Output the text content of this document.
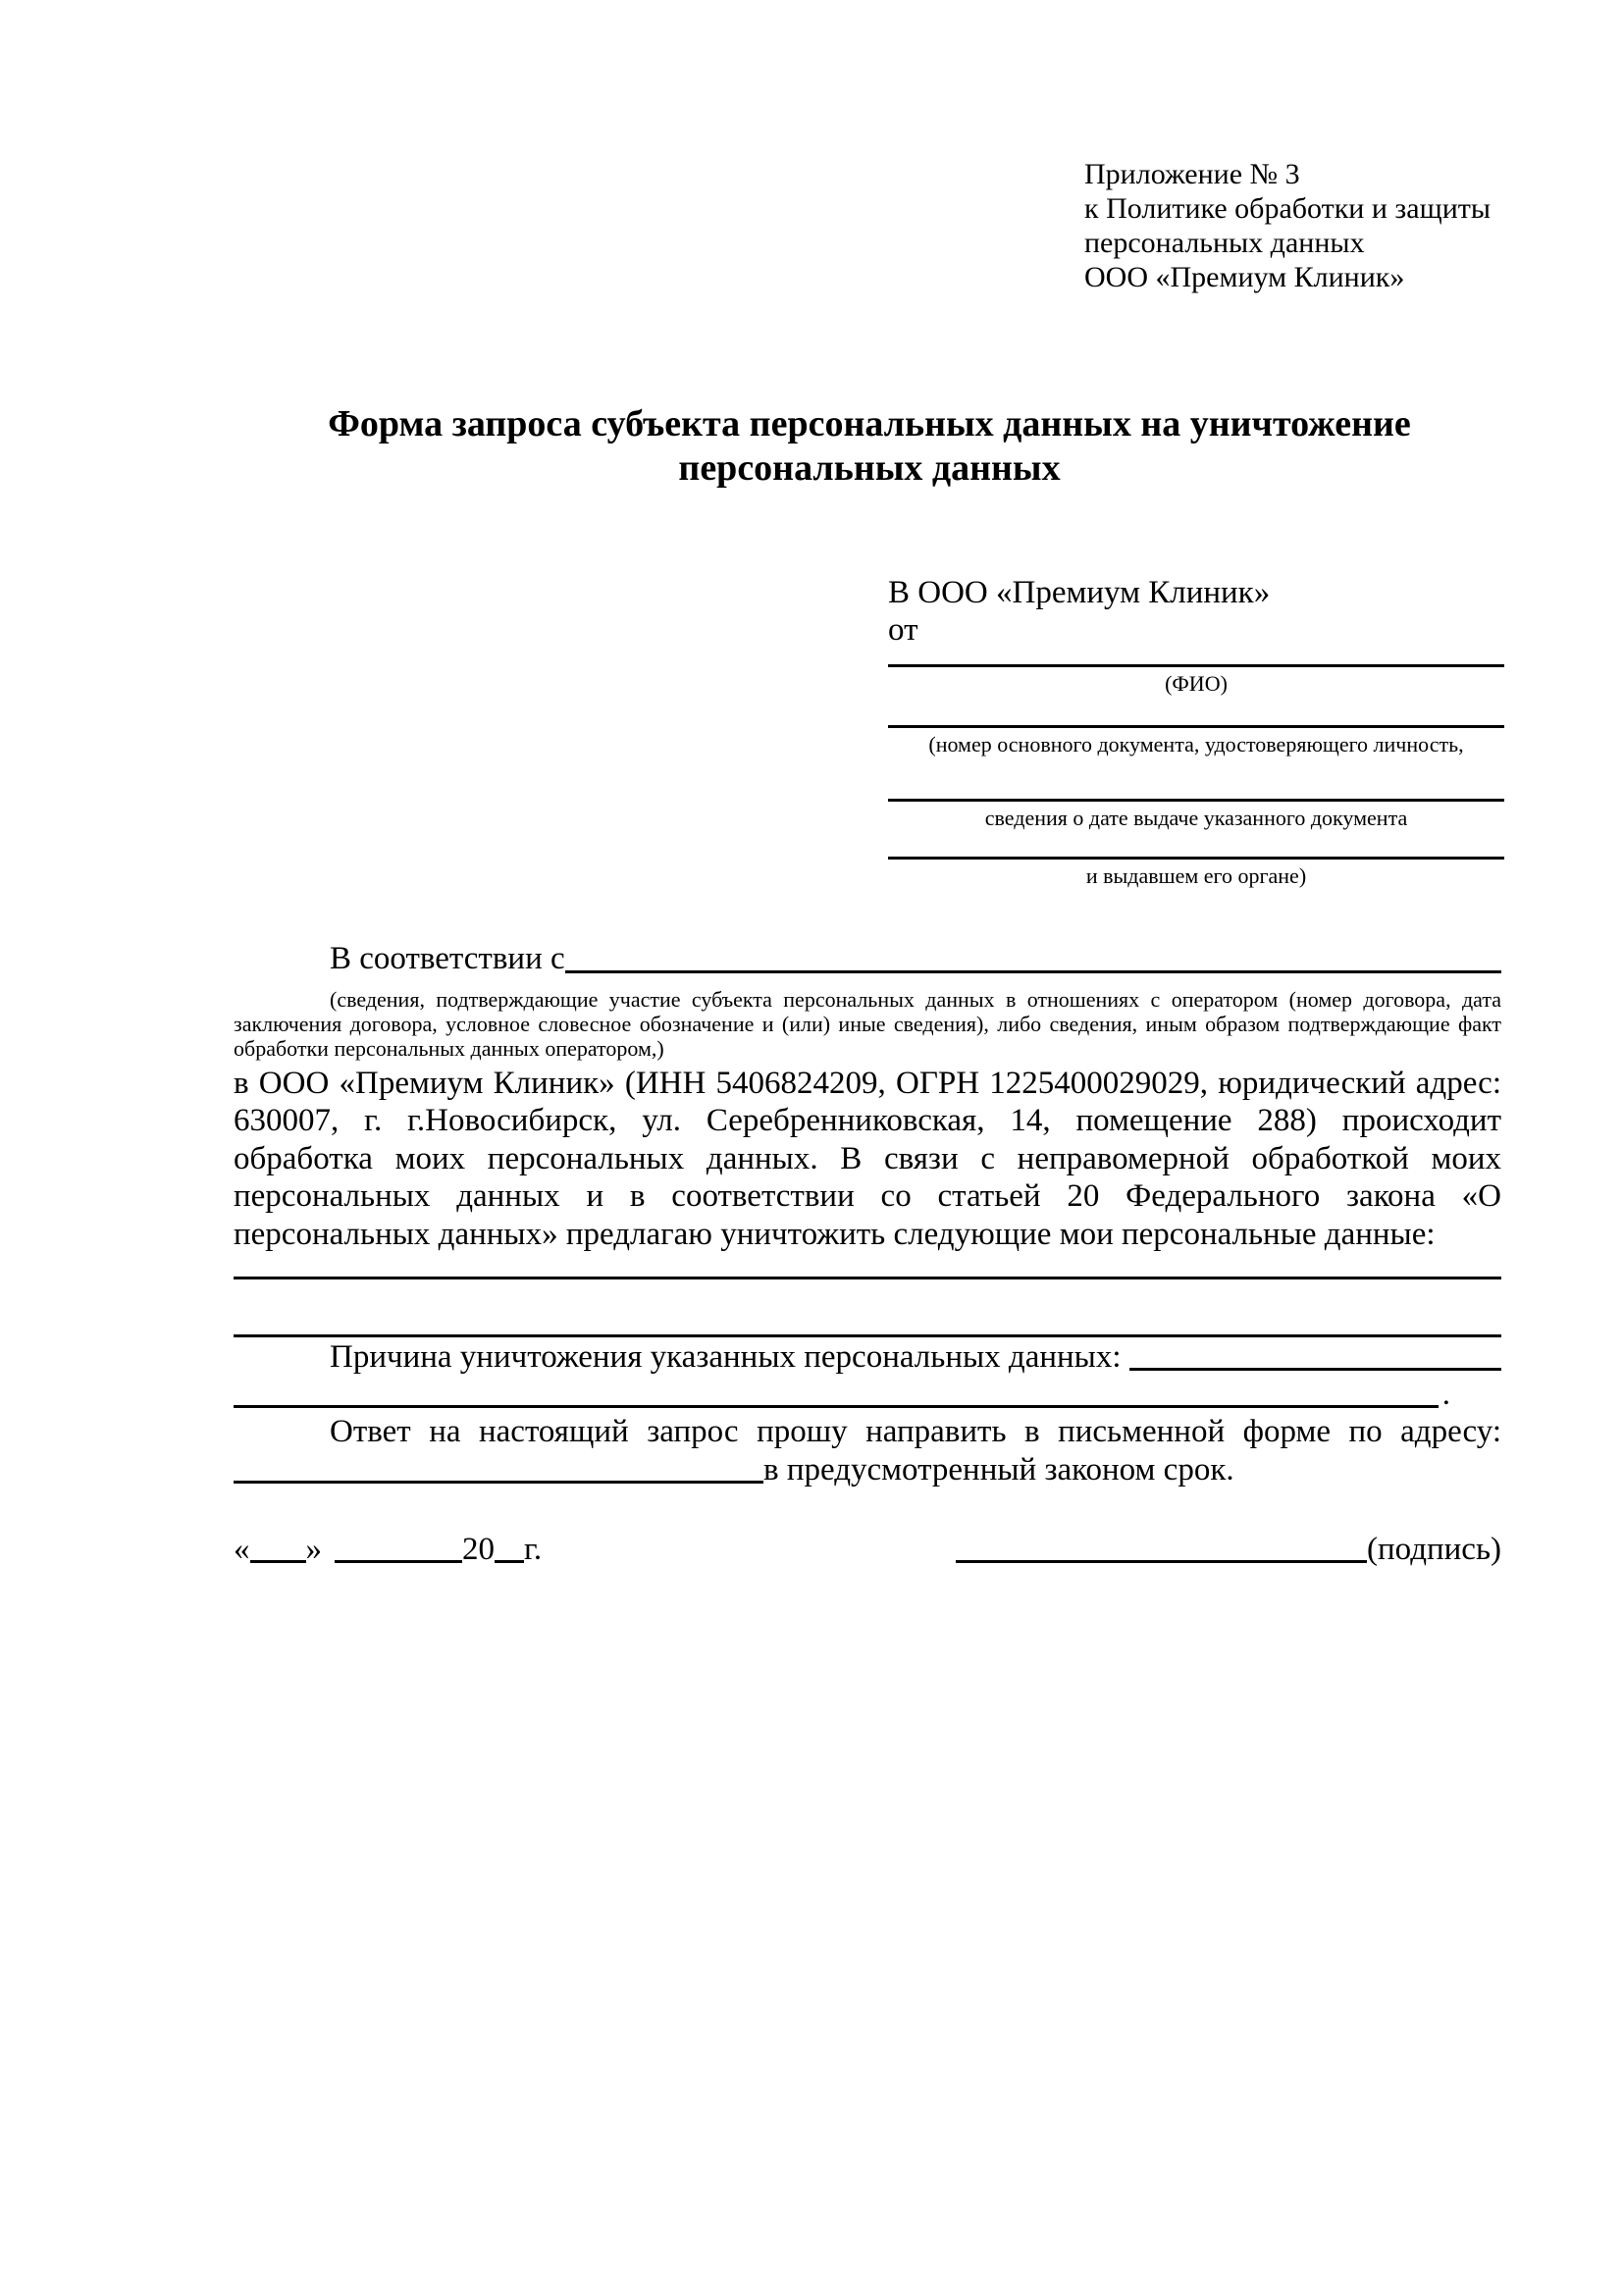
Приложение № 3
к Политике обработки и защиты
персональных данных
ООО «Премиум Клиник»
Форма запроса субъекта персональных данных на уничтожение
персональных данных
В ООО «Премиум Клиник»
от
(ФИО)
(номер основного документа, удостоверяющего личность,
сведения о дате выдаче указанного документа
и выдавшем его органе)
В соответствии с
(сведения, подтверждающие участие субъекта персональных данных в отношениях с оператором (номер договора, дата
заключения договора, условное словесное обозначение и (или) иные сведения), либо сведения, иным образом подтверждающие факт
обработки персональных данных оператором,)
в ООО «Премиум Клиник» (ИНН 5406824209, ОГРН 1225400029029, юридический адрес:
630007, г. г.Новосибирск, ул. Серебренниковская, 14, помещение 288) происходит
обработка моих персональных данных. В связи с неправомерной обработкой моих
персональных данных и в соответствии со статьей 20 Федерального закона «О
персональных данных» предлагаю уничтожить следующие мои персональные данные:
Причина уничтожения указанных персональных данных:
.
Ответ на настоящий запрос прошу направить в письменной форме по адресу:
в предусмотренный законом срок.
« »	20 г.	(подпись)
